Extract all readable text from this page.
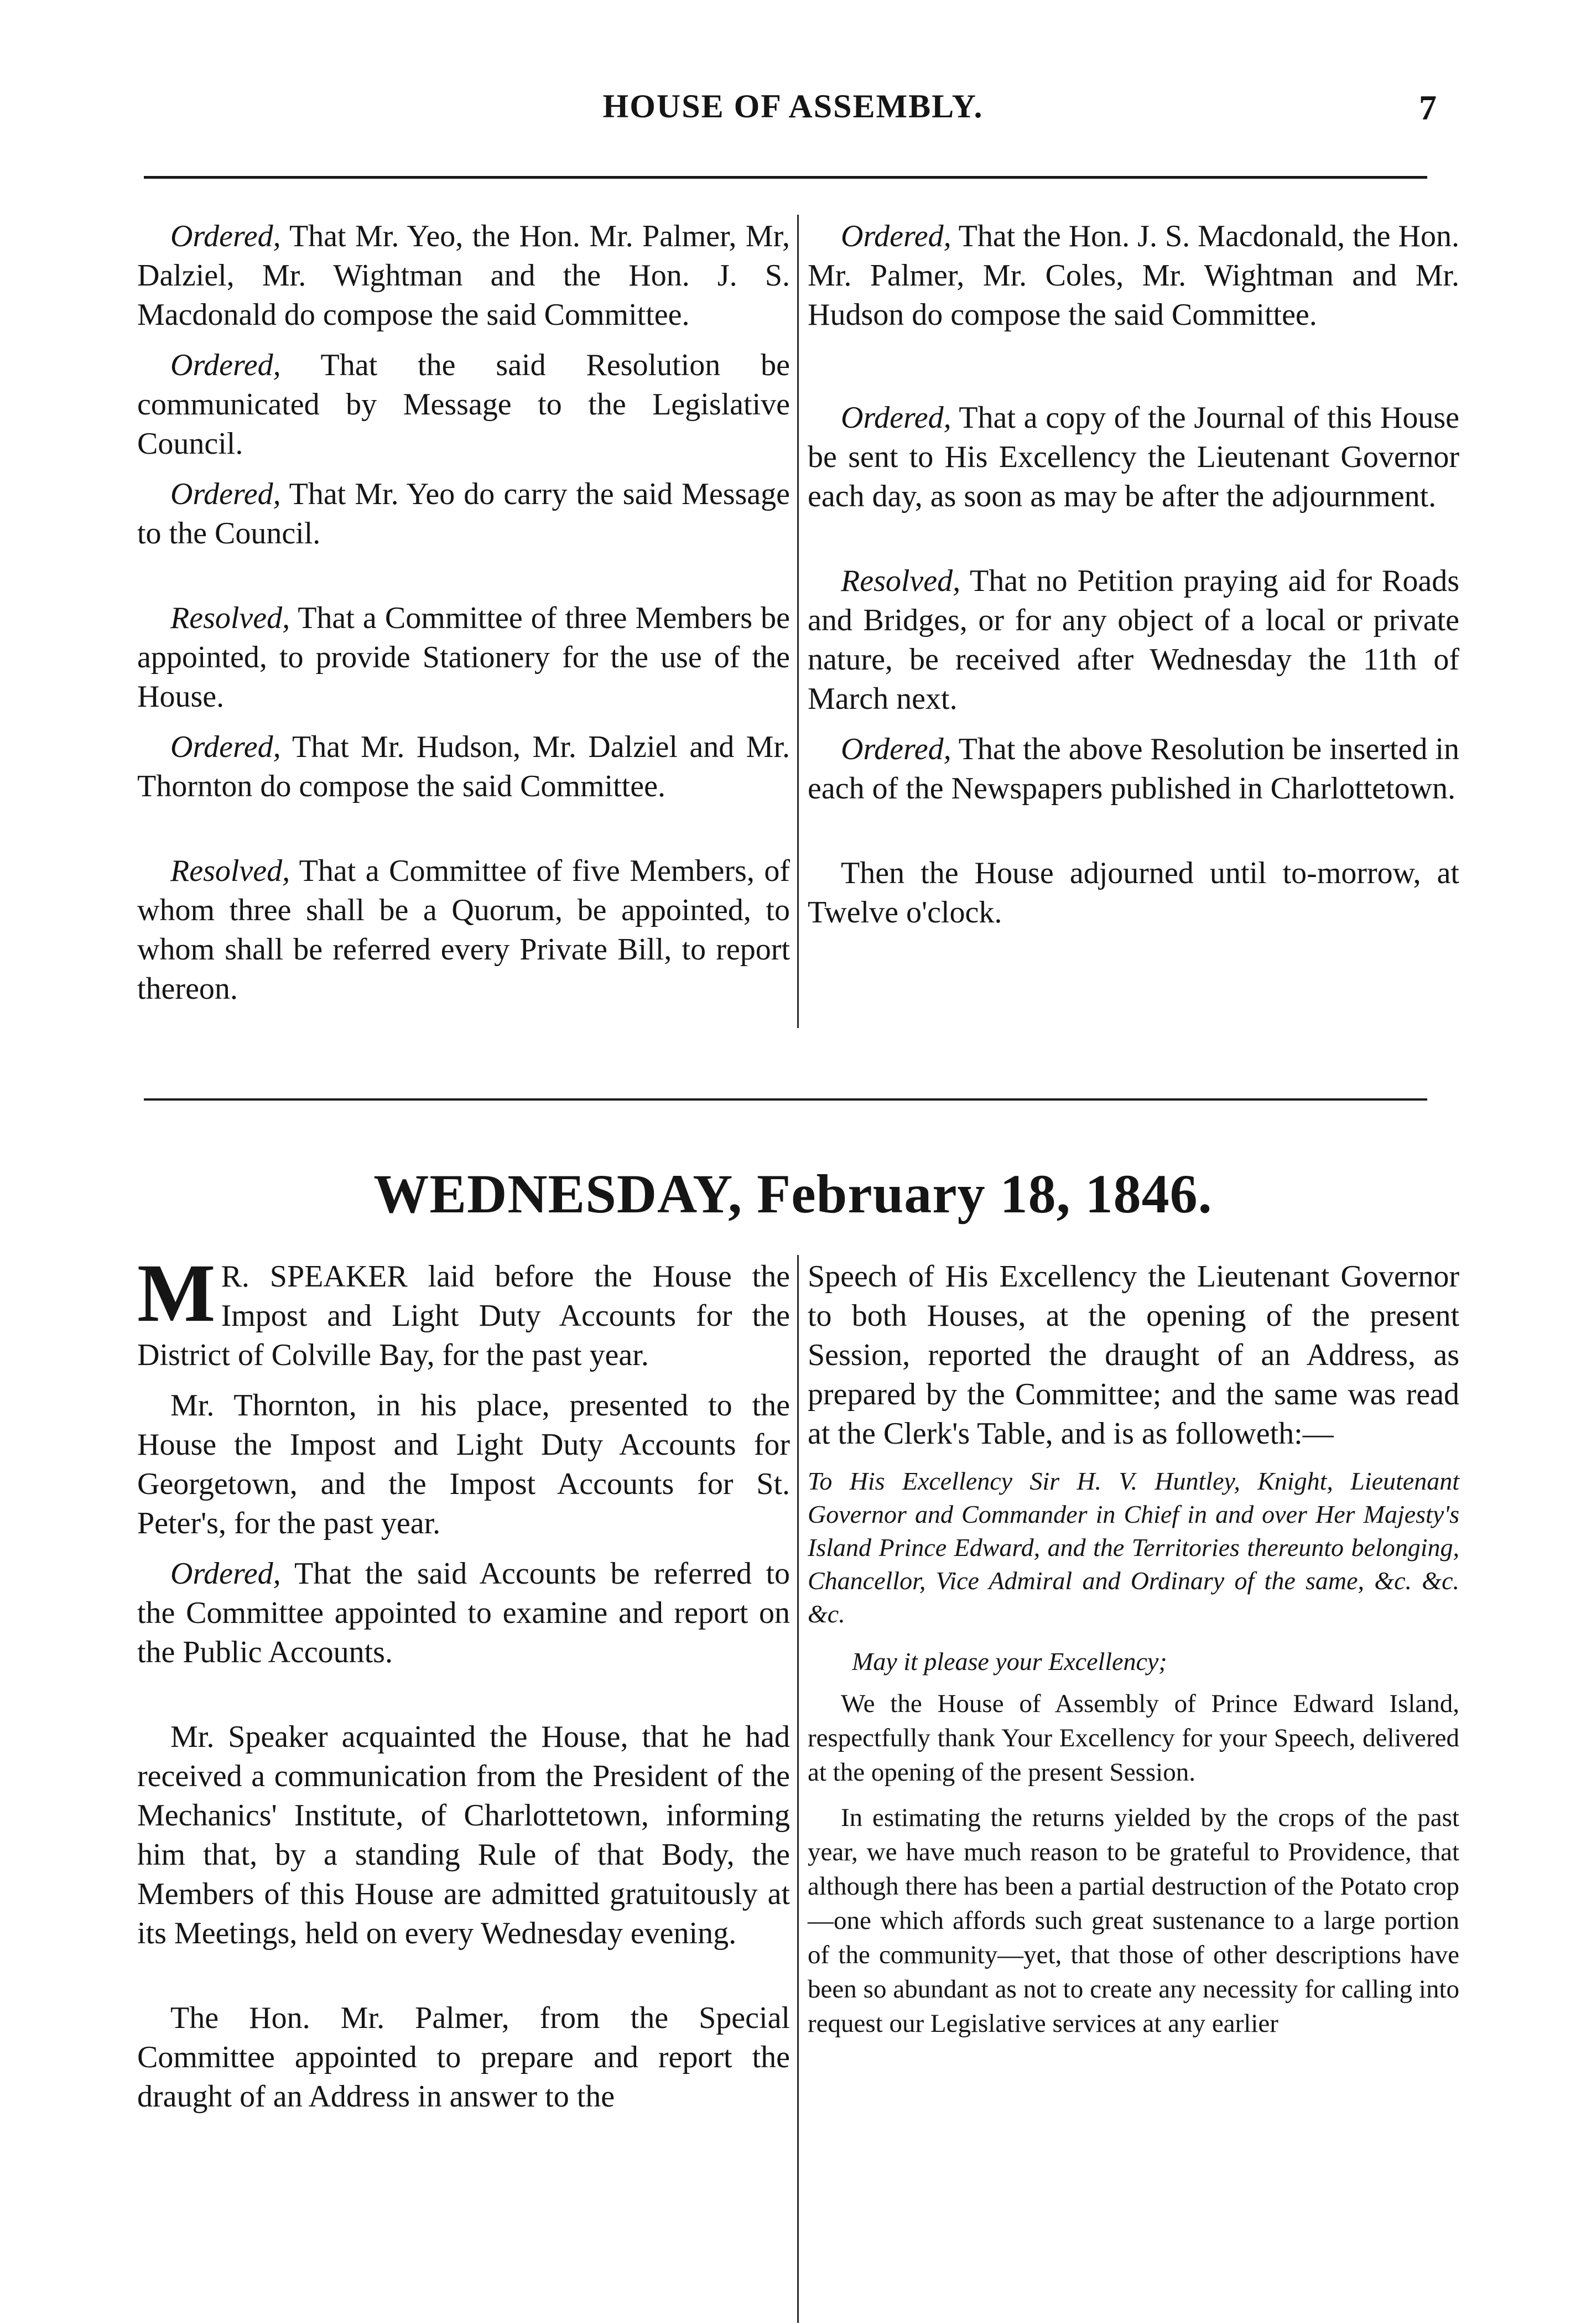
HOUSE OF ASSEMBLY.	7

Ordered, That Mr. Yeo, the Hon. Mr. Palmer, Mr, Dalziel, Mr. Wightman and the Hon. J. S. Macdonald do compose the said Committee.

Ordered, That the said Resolution be communicated by Message to the Legislative Council.

Ordered, That Mr. Yeo do carry the said Message to the Council.

Resolved, That a Committee of three Members be appointed, to provide Stationery for the use of the House.

Ordered, That Mr. Hudson, Mr. Dalziel and Mr. Thornton do compose the said Committee.

Resolved, That a Committee of five Members, of whom three shall be a Quorum, be appointed, to whom shall be referred every Private Bill, to report thereon.

Ordered, That the Hon. J. S. Macdonald, the Hon. Mr. Palmer, Mr. Coles, Mr. Wightman and Mr. Hudson do compose the said Committee.

Ordered, That a copy of the Journal of this House be sent to His Excellency the Lieutenant Governor each day, as soon as may be after the adjournment.

Resolved, That no Petition praying aid for Roads and Bridges, or for any object of a local or private nature, be received after Wednesday the 11th of March next.

Ordered, That the above Resolution be inserted in each of the Newspapers published in Charlottetown.

Then the House adjourned until to-morrow, at Twelve o'clock.

WEDNESDAY, February 18, 1846.

M R. SPEAKER laid before the House the Impost and Light Duty Accounts for the District of Colville Bay, for the past year.

Mr. Thornton, in his place, presented to the House the Impost and Light Duty Accounts for Georgetown, and the Impost Accounts for St. Peter's, for the past year.

Ordered, That the said Accounts be referred to the Committee appointed to examine and report on the Public Accounts.

Mr. Speaker acquainted the House, that he had received a communication from the President of the Mechanics' Institute, of Charlottetown, informing him that, by a standing Rule of that Body, the Members of this House are admitted gratuitously at its Meetings, held on every Wednesday evening.

The Hon. Mr. Palmer, from the Special Committee appointed to prepare and report the draught of an Address in answer to the

Speech of His Excellency the Lieutenant Governor to both Houses, at the opening of the present Session, reported the draught of an Address, as prepared by the Committee; and the same was read at the Clerk's Table, and is as followeth:—

To His Excellency Sir H. V. Huntley, Knight, Lieutenant Governor and Commander in Chief in and over Her Majesty's Island Prince Edward, and the Territories thereunto belonging, Chancellor, Vice Admiral and Ordinary of the same, &c. &c. &c.

May it please your Excellency;

We the House of Assembly of Prince Edward Island, respectfully thank Your Excellency for your Speech, delivered at the opening of the present Session.

In estimating the returns yielded by the crops of the past year, we have much reason to be grateful to Providence, that although there has been a partial destruction of the Potato crop—one which affords such great sustenance to a large portion of the community—yet, that those of other descriptions have been so abundant as not to create any necessity for calling into request our Legislative services at any earlier
